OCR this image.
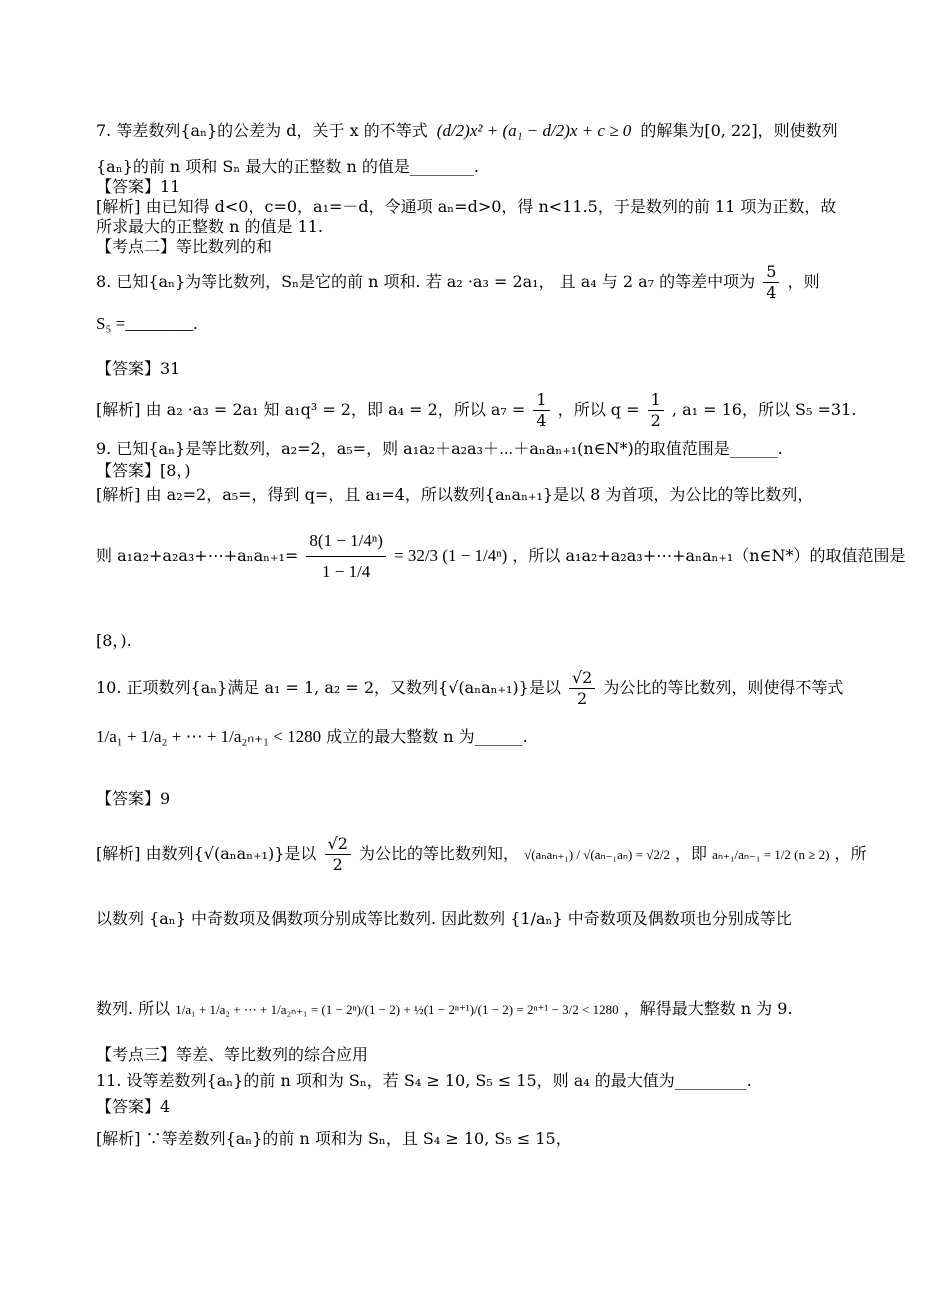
7. 等差数列{aₙ}的公差为 d，关于 x 的不等式 (d/2)x² + (a₁ − d/2)x + c ≥ 0 的解集为[0, 22]，则使数列
{aₙ}的前 n 项和 Sₙ 最大的正整数 n 的值是________.
【答案】11
[解析] 由已知得 d<0，c=0，a₁=－d，令通项 aₙ=d>0，得 n<11.5，于是数列的前 11 项为正数，故
所求最大的正整数 n 的值是 11.
【考点二】等比数列的和
8. 已知{aₙ}为等比数列，Sₙ是它的前 n 项和. 若 a₂ ·a₃ = 2a₁， 且 a₄ 与 2 a₇ 的等差中项为 $\frac{5}{4}$ ，则
S₅ =________.
【答案】31
[解析] 由 a₂ ·a₃ = 2a₁ 知 a₁q³ = 2，即 a₄ = 2，所以 $a_7 = \frac{1}{4}$ ，所以 $q = \frac{1}{2}$ , a₁ = 16，所以 S₅ =31.
9. 已知{aₙ}是等比数列，a₂=2，a₅=，则 a₁a₂＋a₂a₃＋⋯＋aₙaₙ₊₁(n∈N*)的取值范围是______.
【答案】[8，)
[解析] 由 a₂=2，a₅=，得到 q=，且 a₁=4，所以数列{aₙaₙ₊₁}是以 8 为首项，为公比的等比数列，
则 a₁a₂+a₂a₃+⋯+aₙaₙ₊₁= $\frac{\text{8(1 − 1/4ⁿ)}}{1 - 1/4} = 32/3$ (1 − 1/4ⁿ) ，所以 a₁a₂+a₂a₃+⋯+aₙaₙ₊₁（n∈N*）的取值范围是
[8，).
10. 正项数列{aₙ}满足 a₁ = 1, a₂ = 2，又数列{√(aₙaₙ₊₁)}是以 $\frac{√2}{2}$ 为公比的等比数列，则使得不等式
1/a₁ + 1/a₂ + ⋯ + 1/a₂ₙ₊₁ < 1280 成立的最大整数 n 为______.
【答案】9
[解析] 由数列{√(aₙaₙ₊₁)}是以 $\frac{√2}{2}$ 为公比的等比数列知， √(aₙaₙ₊₁) / √(aₙ₋₁aₙ) = √2/2 ，即 aₙ₊₁/aₙ₋₁ = 1/2 (n ≥ 2) ，所
以数列 {aₙ} 中奇数项及偶数项分别成等比数列. 因此数列 {1/aₙ} 中奇数项及偶数项也分别成等比
数列. 所以 1/a₁ + 1/a₂ + ⋯ + 1/a₂ₙ₊₁ = (1 − 2ⁿ)/(1 − 2) + ½(1 − 2ⁿ⁺¹)/(1 − 2) = 2ⁿ⁺¹ − 3/2 < 1280 ，解得最大整数 n 为 9.
【考点三】等差、等比数列的综合应用
11. 设等差数列{aₙ}的前 n 项和为 Sₙ，若 S₄ ≥ 10, S₅ ≤ 15，则 a₄ 的最大值为_________.
【答案】4
[解析] ∵等差数列{aₙ}的前 n 项和为 Sₙ，且 S₄ ≥ 10, S₅ ≤ 15，
